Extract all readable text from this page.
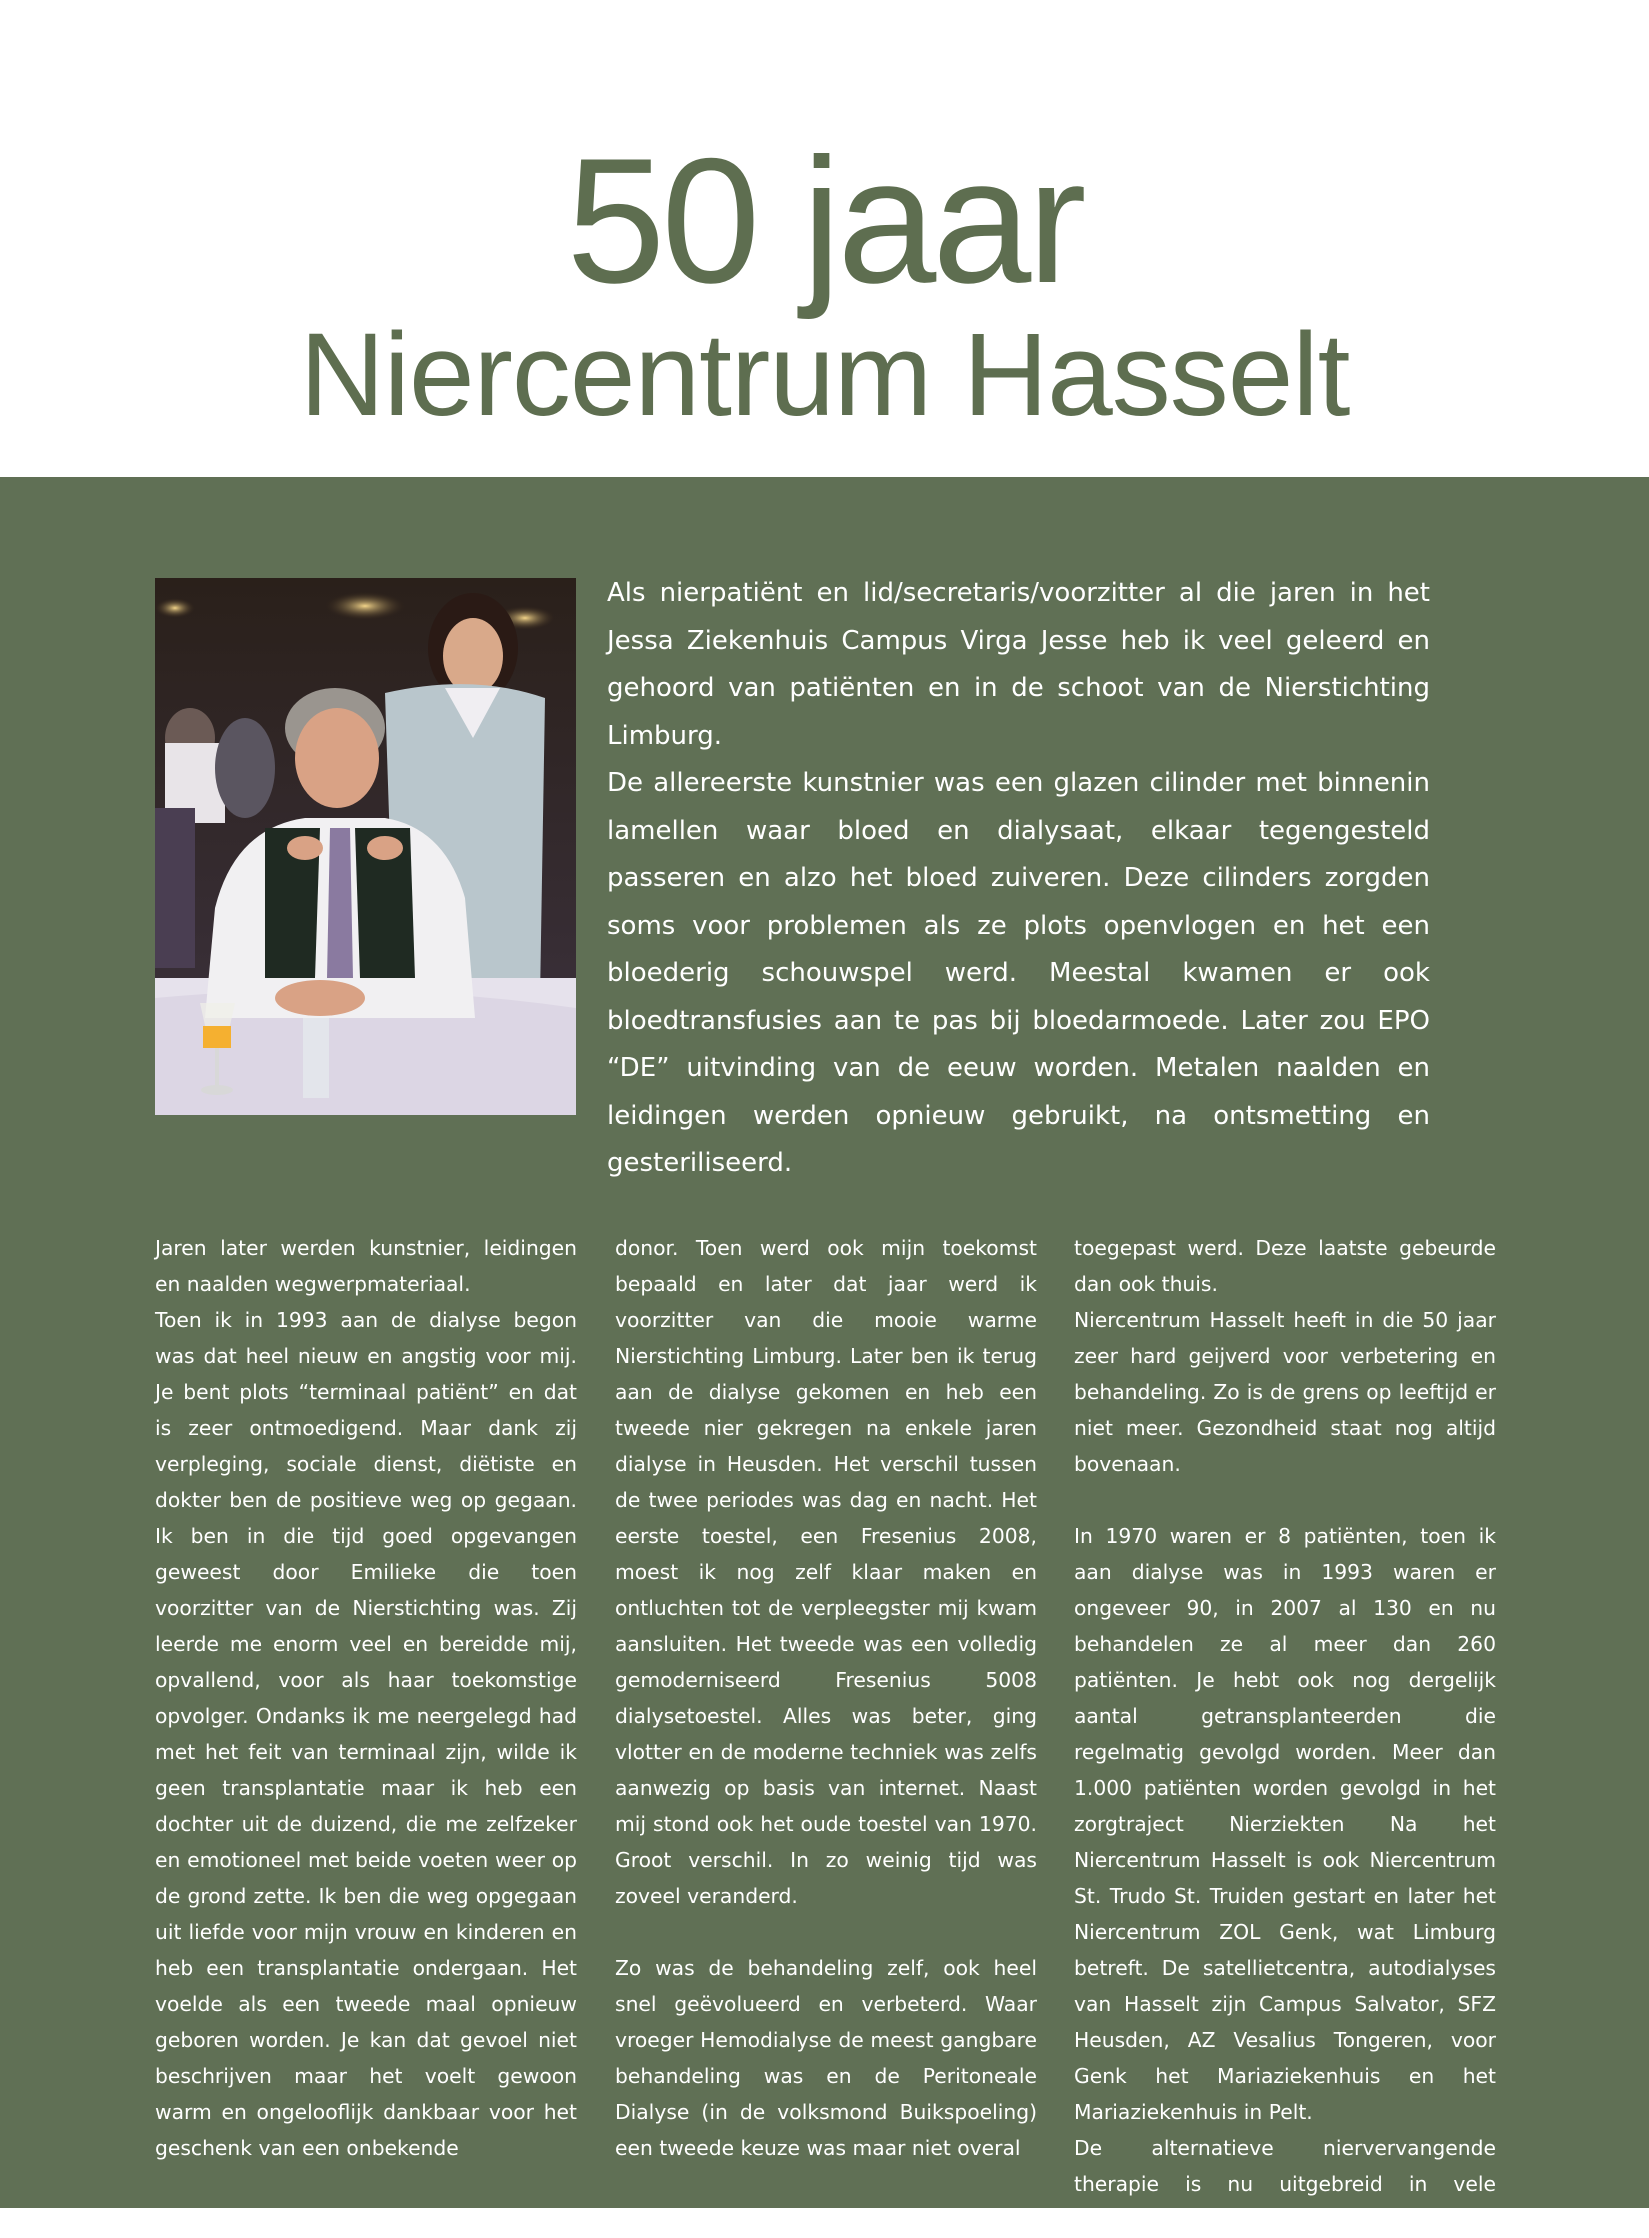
50 jaar
Niercentrum Hasselt

Als nierpatiënt en lid/secretaris/voorzitter al die jaren in het Jessa Ziekenhuis Campus Virga Jesse heb ik veel geleerd en gehoord van patiënten en in de schoot van de Nierstichting Limburg.

De allereerste kunstnier was een glazen cilinder met binnenin lamellen waar bloed en dialysaat, elkaar tegengesteld passeren en alzo het bloed zuiveren. Deze cilinders zorgden soms voor problemen als ze plots openvlogen en het een bloederig schouwspel werd. Meestal kwamen er ook bloedtransfusies aan te pas bij bloedarmoede. Later zou EPO “DE” uitvinding van de eeuw worden. Metalen naalden en leidingen werden opnieuw gebruikt, na ontsmetting en gesteriliseerd.

Jaren later werden kunstnier, leidingen en naalden wegwerpmateriaal.

Toen ik in 1993 aan de dialyse begon was dat heel nieuw en angstig voor mij. Je bent plots “terminaal patiënt” en dat is zeer ontmoedigend. Maar dank zij verpleging, sociale dienst, diëtiste en dokter ben de positieve weg op gegaan. Ik ben in die tijd goed opgevangen geweest door Emilieke die toen voorzitter van de Nierstichting was. Zij leerde me enorm veel en bereidde mij, opvallend, voor als haar toekomstige opvolger. Ondanks ik me neergelegd had met het feit van terminaal zijn, wilde ik geen transplantatie maar ik heb een dochter uit de duizend, die me zelfzeker en emotioneel met beide voeten weer op de grond zette. Ik ben die weg opgegaan uit liefde voor mijn vrouw en kinderen en heb een transplantatie ondergaan. Het voelde als een tweede maal opnieuw geboren worden. Je kan dat gevoel niet beschrijven maar het voelt gewoon warm en ongelooflijk dankbaar voor het geschenk van een onbekende

donor. Toen werd ook mijn toekomst bepaald en later dat jaar werd ik voorzitter van die mooie warme Nierstichting Limburg. Later ben ik terug aan de dialyse gekomen en heb een tweede nier gekregen na enkele jaren dialyse in Heusden. Het verschil tussen de twee periodes was dag en nacht. Het eerste toestel, een Fresenius 2008, moest ik nog zelf klaar maken en ontluchten tot de verpleegster mij kwam aansluiten. Het tweede was een volledig gemoderniseerd Fresenius 5008 dialysetoestel. Alles was beter, ging vlotter en de moderne techniek was zelfs aanwezig op basis van internet. Naast mij stond ook het oude toestel van 1970. Groot verschil. In zo weinig tijd was zoveel veranderd.

Zo was de behandeling zelf, ook heel snel geëvolueerd en verbeterd. Waar vroeger Hemodialyse de meest gangbare behandeling was en de Peritoneale Dialyse (in de volksmond Buikspoeling) een tweede keuze was maar niet overal

toegepast werd. Deze laatste gebeurde dan ook thuis.

Niercentrum Hasselt heeft in die 50 jaar zeer hard geijverd voor verbetering en behandeling. Zo is de grens op leeftijd er niet meer. Gezondheid staat nog altijd bovenaan.

In 1970 waren er 8 patiënten, toen ik aan dialyse was in 1993 waren er ongeveer 90, in 2007 al 130 en nu behandelen ze al meer dan 260 patiënten. Je hebt ook nog dergelijk aantal getransplanteerden die regelmatig gevolgd worden. Meer dan 1.000 patiënten worden gevolgd in het zorgtraject Nierziekten Na het Niercentrum Hasselt is ook Niercentrum St. Trudo St. Truiden gestart en later het Niercentrum ZOL Genk, wat Limburg betreft. De satellietcentra, autodialyses van Hasselt zijn Campus Salvator, SFZ Heusden, AZ Vesalius Tongeren, voor Genk het Mariaziekenhuis en het Mariaziekenhuis in Pelt.

De alternatieve niervervangende therapie is nu uitgebreid in vele aspecten.
